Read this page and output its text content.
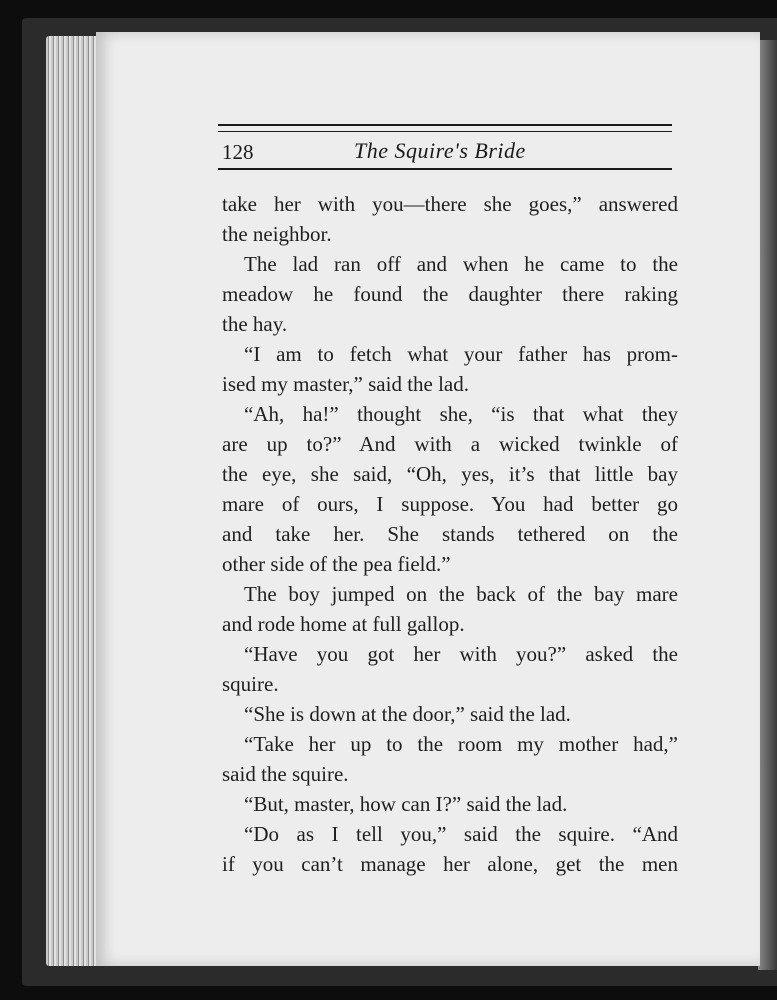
128	The Squire's Bride
take her with you—there she goes,” answered
the neighbor.
The lad ran off and when he came to the
meadow he found the daughter there raking
the hay.
“I am to fetch what your father has prom-
ised my master,” said the lad.
“Ah, ha!” thought she, “is that what they
are up to?” And with a wicked twinkle of
the eye, she said, “Oh, yes, it’s that little bay
mare of ours, I suppose. You had better go
and take her. She stands tethered on the
other side of the pea field.”
The boy jumped on the back of the bay mare
and rode home at full gallop.
“Have you got her with you?” asked the
squire.
“She is down at the door,” said the lad.
“Take her up to the room my mother had,”
said the squire.
“But, master, how can I?” said the lad.
“Do as I tell you,” said the squire. “And
if you can’t manage her alone, get the men
